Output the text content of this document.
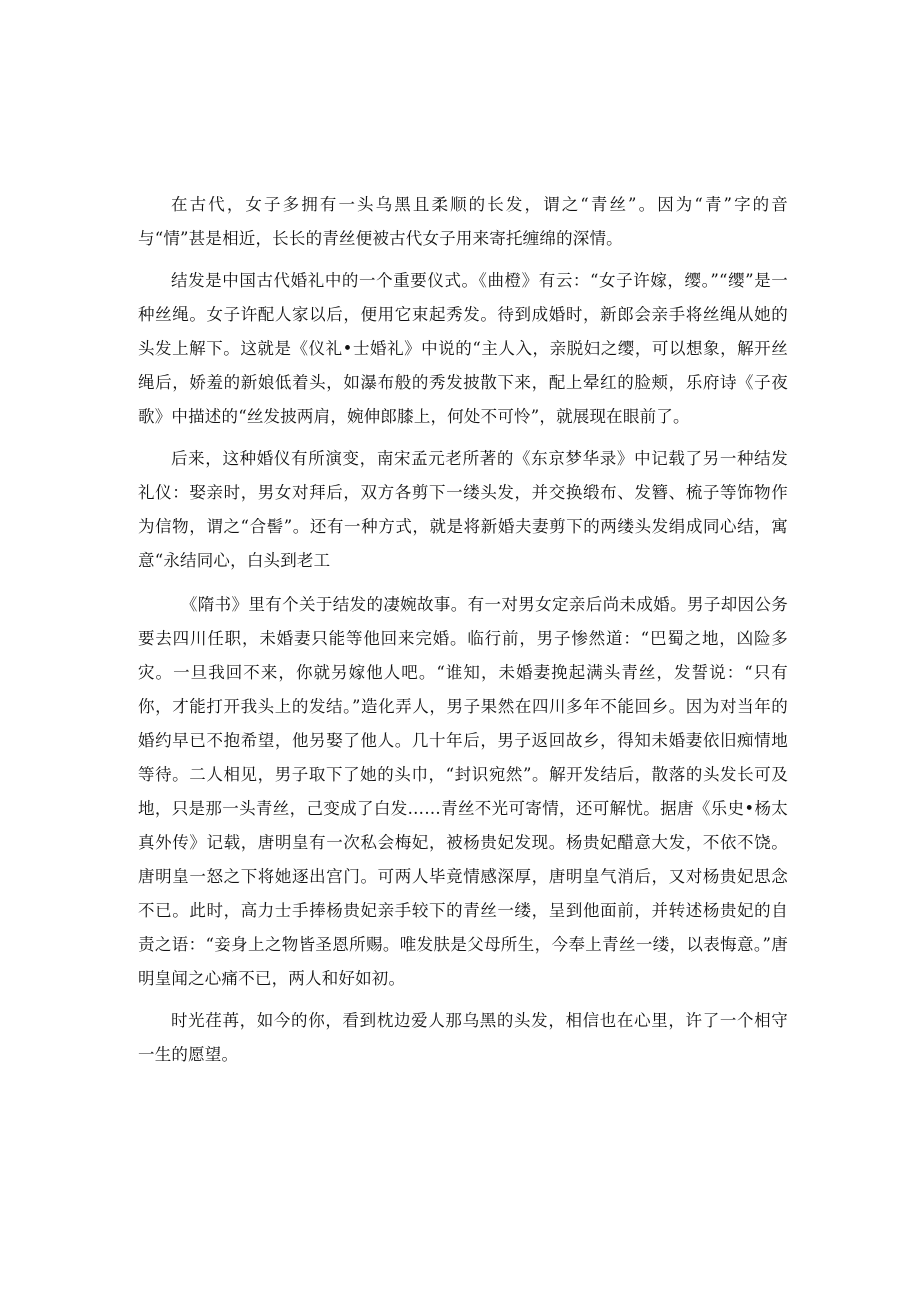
在古代，女子多拥有一头乌黑且柔顺的长发，谓之“青丝”。因为“青”字的音与“情”甚是相近，长长的青丝便被古代女子用来寄托缠绵的深情。

结发是中国古代婚礼中的一个重要仪式。《曲橙》有云：“女子许嫁，缨。”“缨”是一种丝绳。女子许配人家以后，便用它束起秀发。待到成婚时，新郎会亲手将丝绳从她的头发上解下。这就是《仪礼•士婚礼》中说的“主人入，亲脱妇之缨，可以想象，解开丝绳后，娇羞的新娘低着头，如瀑布般的秀发披散下来，配上晕红的脸颊，乐府诗《子夜歌》中描述的“丝发披两肩，婉伸郎膝上，何处不可怜”，就展现在眼前了。

后来，这种婚仪有所演变，南宋孟元老所著的《东京梦华录》中记载了另一种结发礼仪：娶亲时，男女对拜后，双方各剪下一缕头发，并交换缎布、发簪、梳子等饰物作为信物，谓之“合髻”。还有一种方式，就是将新婚夫妻剪下的两缕头发绢成同心结，寓意“永结同心，白头到老工

《隋书》里有个关于结发的凄婉故事。有一对男女定亲后尚未成婚。男子却因公务要去四川任职，未婚妻只能等他回来完婚。临行前，男子惨然道：“巴蜀之地，凶险多灾。一旦我回不来，你就另嫁他人吧。“谁知，未婚妻挽起满头青丝，发誓说：“只有你，才能打开我头上的发结。”造化弄人，男子果然在四川多年不能回乡。因为对当年的婚约早已不抱希望，他另娶了他人。几十年后，男子返回故乡，得知未婚妻依旧痴情地等待。二人相见，男子取下了她的头巾，“封识宛然”。解开发结后，散落的头发长可及地，只是那一头青丝，己变成了白发……青丝不光可寄情，还可解忧。据唐《乐史•杨太真外传》记载，唐明皇有一次私会梅妃，被杨贵妃发现。杨贵妃醋意大发，不依不饶。唐明皇一怒之下将她逐出宫门。可两人毕竟情感深厚，唐明皇气消后，又对杨贵妃思念不已。此时，高力士手捧杨贵妃亲手较下的青丝一缕，呈到他面前，并转述杨贵妃的自责之语：“妾身上之物皆圣恩所赐。唯发肤是父母所生，今奉上青丝一缕，以表悔意。”唐明皇闻之心痛不已，两人和好如初。

时光荏苒，如今的你，看到枕边爱人那乌黑的头发，相信也在心里，许了一个相守一生的愿望。
